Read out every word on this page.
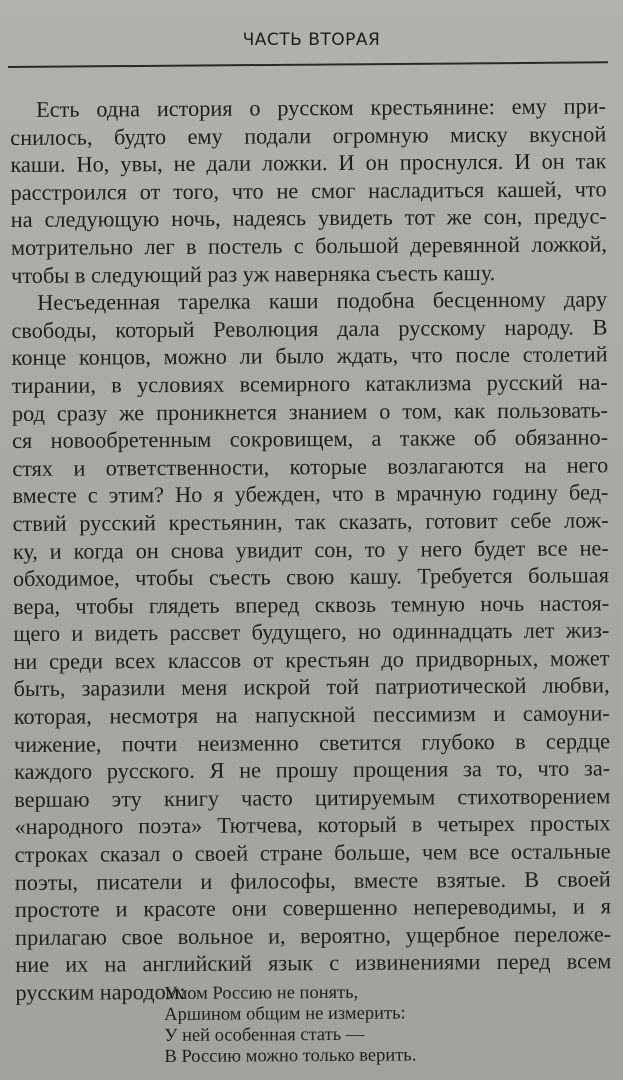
ЧАСТЬ ВТОРАЯ
Есть одна история о русском крестьянине: ему при-
снилось, будто ему подали огромную миску вкусной
каши. Но, увы, не дали ложки. И он проснулся. И он так
расстроился от того, что не смог насладиться кашей, что
на следующую ночь, надеясь увидеть тот же сон, предус-
мотрительно лег в постель с большой деревянной ложкой,
чтобы в следующий раз уж наверняка съесть кашу.
Несъеденная тарелка каши подобна бесценному дару
свободы, который Революция дала русскому народу. В
конце концов, можно ли было ждать, что после столетий
тирании, в условиях всемирного катаклизма русский на-
род сразу же проникнется знанием о том, как пользовать-
ся новообретенным сокровищем, а также об обязанно-
стях и ответственности, которые возлагаются на него
вместе с этим? Но я убежден, что в мрачную годину бед-
ствий русский крестьянин, так сказать, готовит себе лож-
ку, и когда он снова увидит сон, то у него будет все не-
обходимое, чтобы съесть свою кашу. Требуется большая
вера, чтобы глядеть вперед сквозь темную ночь настоя-
щего и видеть рассвет будущего, но одиннадцать лет жиз-
ни среди всех классов от крестьян до придворных, может
быть, заразили меня искрой той патриотической любви,
которая, несмотря на напускной пессимизм и самоуни-
чижение, почти неизменно светится глубоко в сердце
каждого русского. Я не прошу прощения за то, что за-
вершаю эту книгу часто цитируемым стихотворением
«народного поэта» Тютчева, который в четырех простых
строках сказал о своей стране больше, чем все остальные
поэты, писатели и философы, вместе взятые. В своей
простоте и красоте они совершенно непереводимы, и я
прилагаю свое вольное и, вероятно, ущербное переложе-
ние их на английский язык с извинениями перед всем
русским народом:
Умом Россию не понять,
Аршином общим не измерить:
У ней особенная стать —
В Россию можно только верить.
